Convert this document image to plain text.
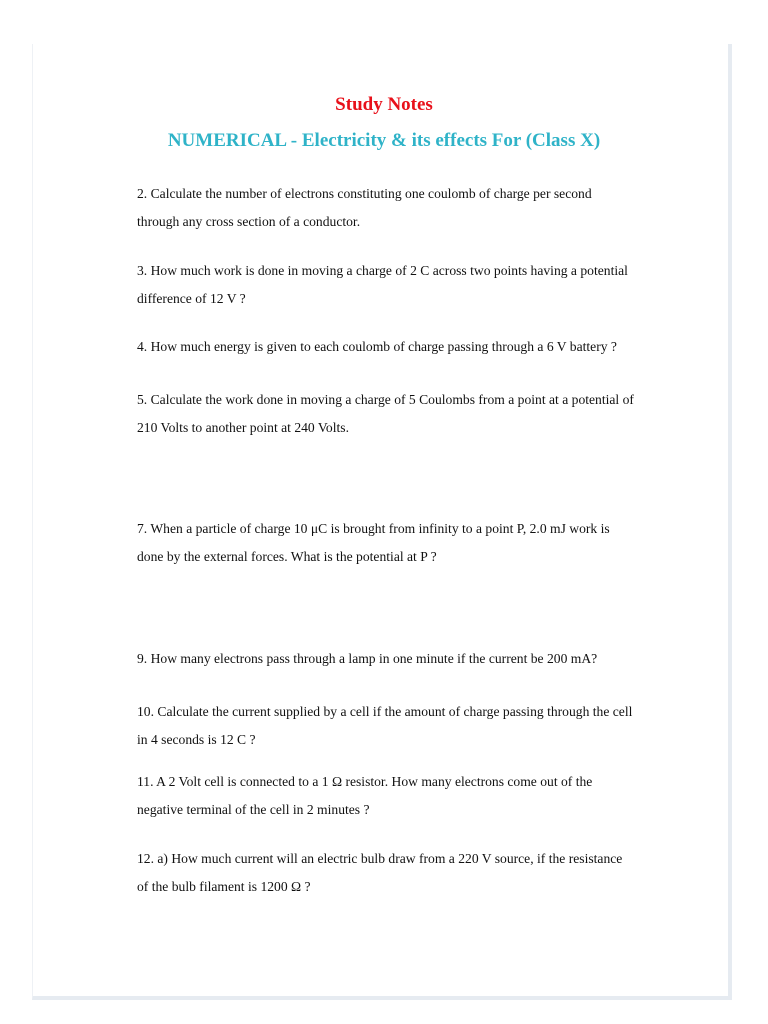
Study Notes
NUMERICAL - Electricity & its effects For (Class X)

2. Calculate the number of electrons constituting one coulomb of charge per second
through any cross section of a conductor.

3. How much work is done in moving a charge of 2 C across two points having a potential
difference of 12 V ?

4. How much energy is given to each coulomb of charge passing through a 6 V battery ?

5. Calculate the work done in moving a charge of 5 Coulombs from a point at a potential of
210 Volts to another point at 240 Volts.

7. When a particle of charge 10 μC is brought from infinity to a point P, 2.0 mJ work is
done by the external forces. What is the potential at P ?

9. How many electrons pass through a lamp in one minute if the current be 200 mA?

10. Calculate the current supplied by a cell if the amount of charge passing through the cell
in 4 seconds is 12 C ?

11. A 2 Volt cell is connected to a 1 Ω resistor. How many electrons come out of the
negative terminal of the cell in 2 minutes ?

12. a) How much current will an electric bulb draw from a 220 V source, if the resistance
of the bulb filament is 1200 Ω ?
